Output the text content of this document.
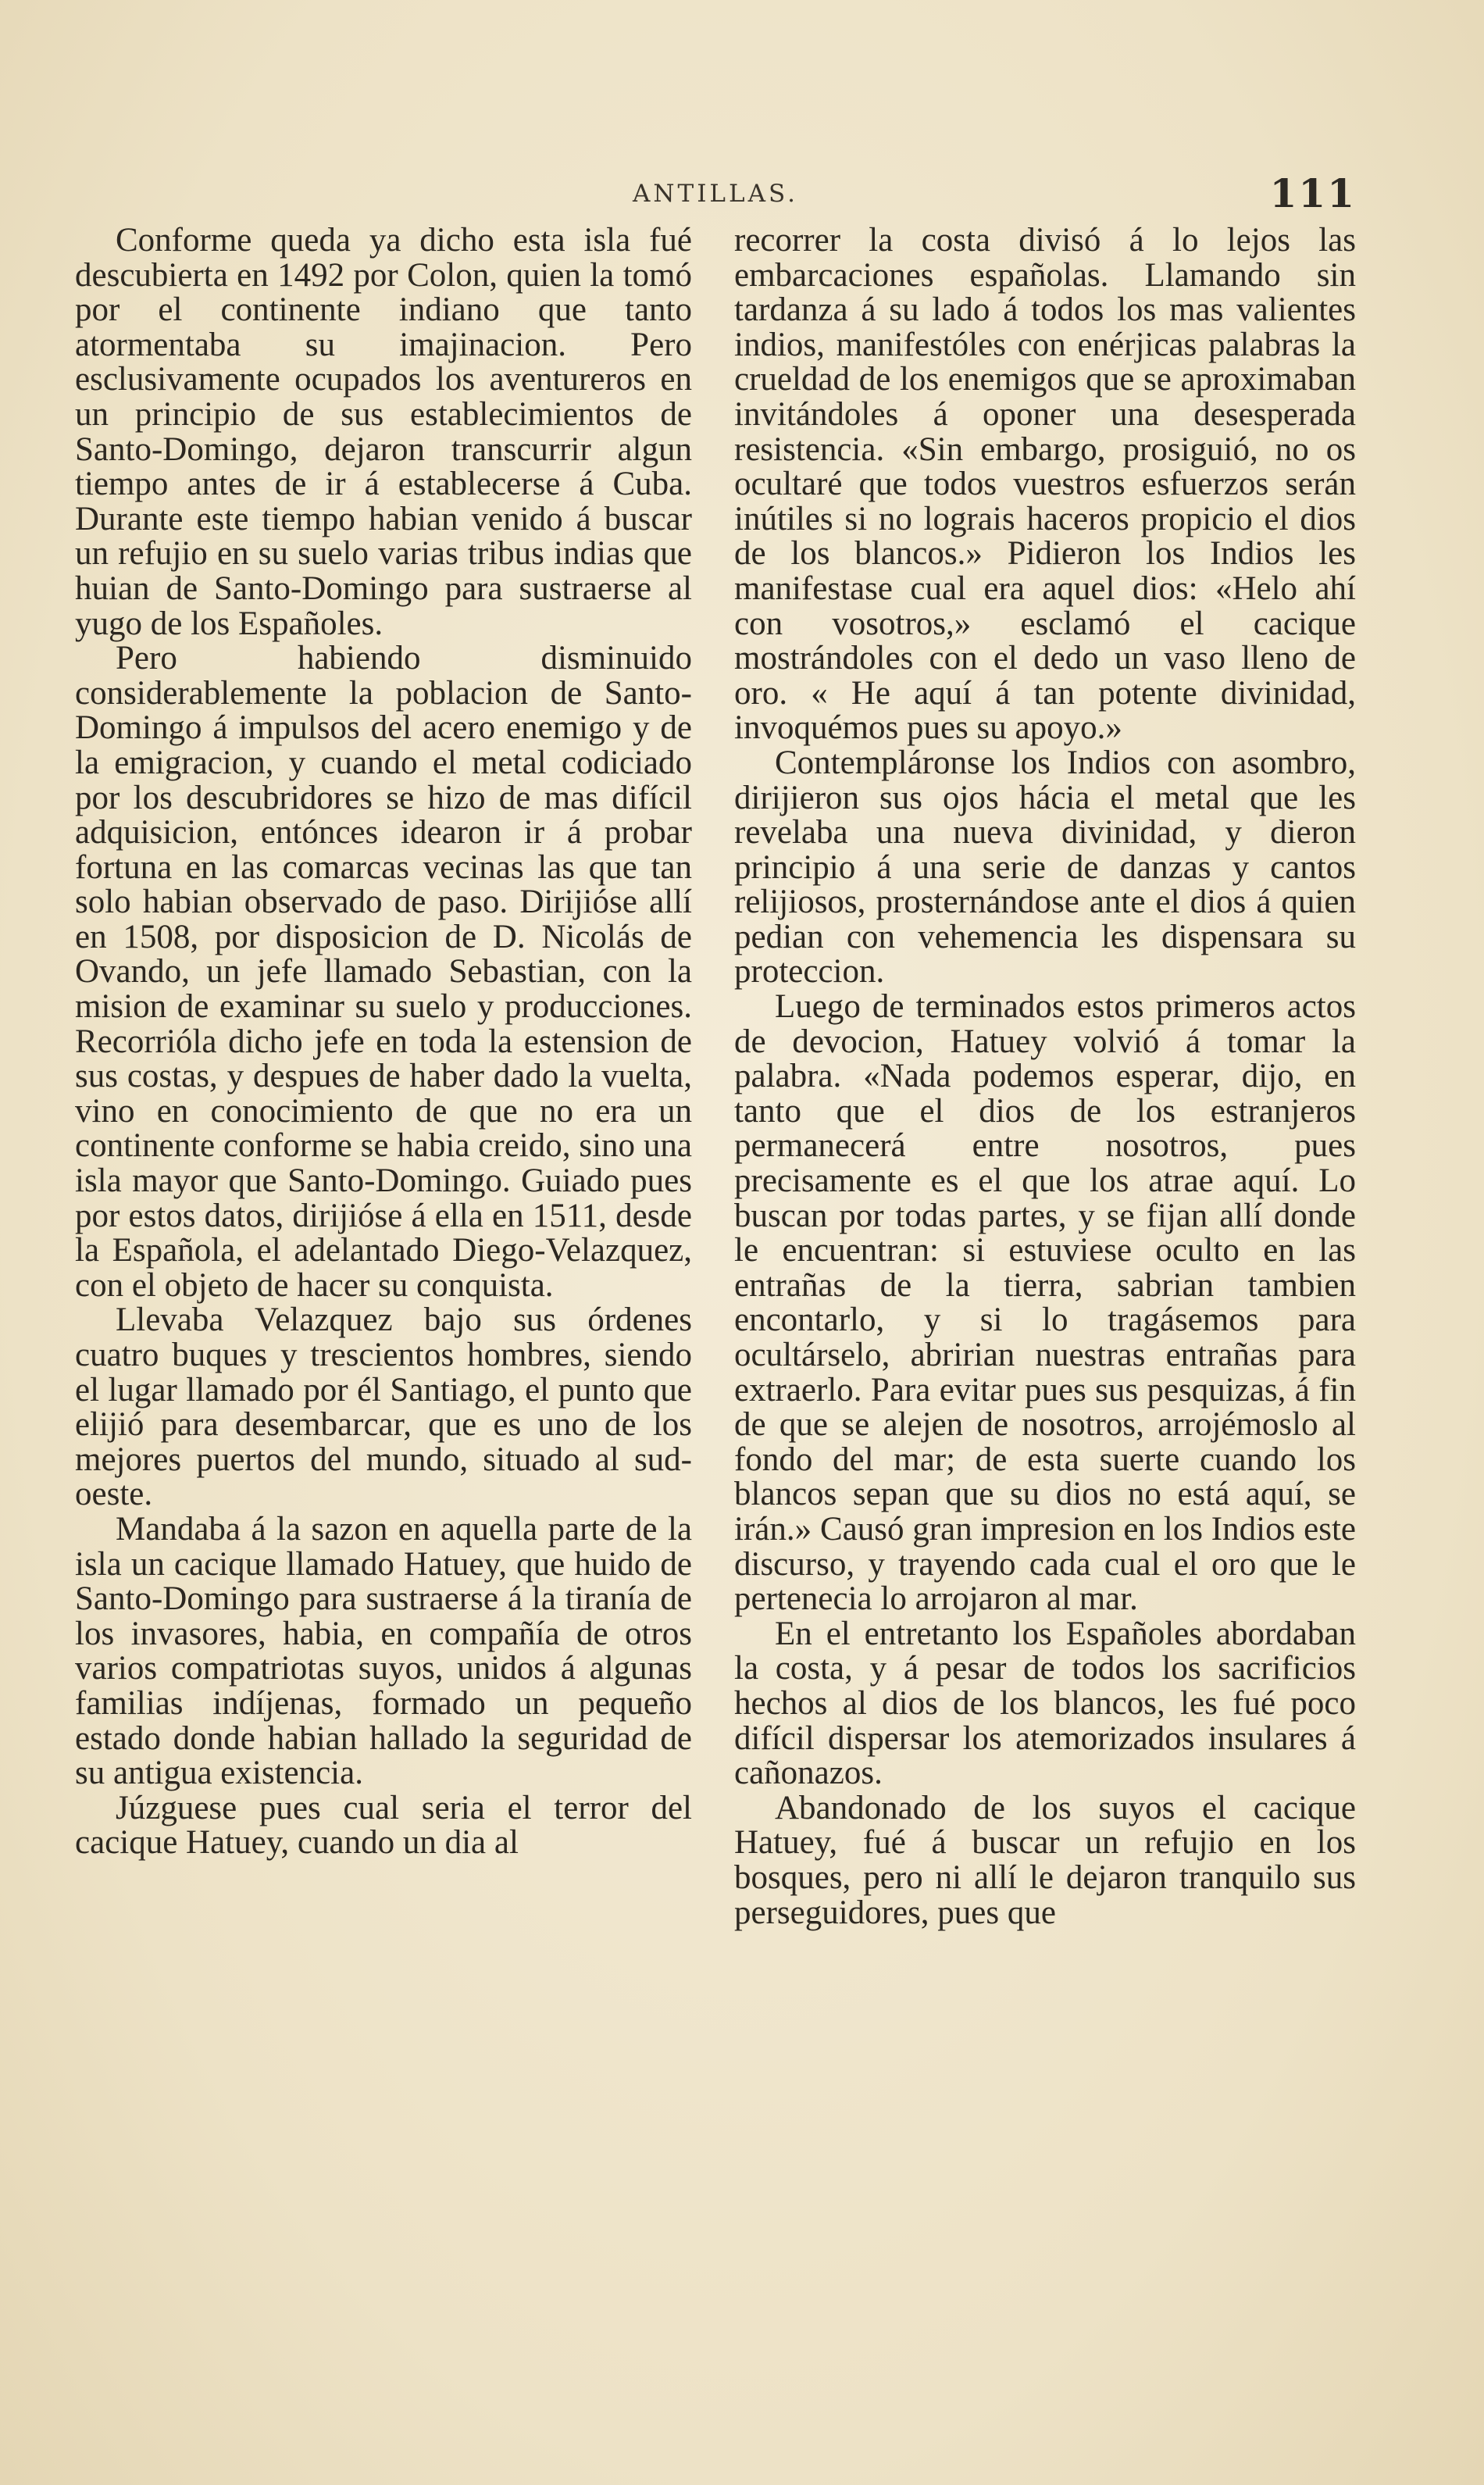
ANTILLAS.	111

Conforme queda ya dicho esta isla fué descubierta en 1492 por Colon, quien la tomó por el continente indiano que tanto atormentaba su imajinacion. Pero esclusivamente ocupados los aventureros en un principio de sus establecimientos de Santo-Domingo, dejaron transcurrir algun tiempo antes de ir á establecerse á Cuba. Durante este tiempo habian venido á buscar un refujio en su suelo varias tribus indias que huian de Santo-Domingo para sustraerse al yugo de los Españoles.

Pero habiendo disminuido considerablemente la poblacion de Santo-Domingo á impulsos del acero enemigo y de la emigracion, y cuando el metal codiciado por los descubridores se hizo de mas difícil adquisicion, entónces idearon ir á probar fortuna en las comarcas vecinas las que tan solo habian observado de paso. Dirijióse allí en 1508, por disposicion de D. Nicolás de Ovando, un jefe llamado Sebastian, con la mision de examinar su suelo y producciones. Recorrióla dicho jefe en toda la estension de sus costas, y despues de haber dado la vuelta, vino en conocimiento de que no era un continente conforme se habia creido, sino una isla mayor que Santo-Domingo. Guiado pues por estos datos, dirijióse á ella en 1511, desde la Española, el adelantado Diego-Velazquez, con el objeto de hacer su conquista.

Llevaba Velazquez bajo sus órdenes cuatro buques y trescientos hombres, siendo el lugar llamado por él Santiago, el punto que elijió para desembarcar, que es uno de los mejores puertos del mundo, situado al sud-oeste.

Mandaba á la sazon en aquella parte de la isla un cacique llamado Hatuey, que huido de Santo-Domingo para sustraerse á la tiranía de los invasores, habia, en compañía de otros varios compatriotas suyos, unidos á algunas familias indíjenas, formado un pequeño estado donde habian hallado la seguridad de su antigua existencia.

Júzguese pues cual seria el terror del cacique Hatuey, cuando un dia al

recorrer la costa divisó á lo lejos las embarcaciones españolas. Llamando sin tardanza á su lado á todos los mas valientes indios, manifestóles con enérjicas palabras la crueldad de los enemigos que se aproximaban invitándoles á oponer una desesperada resistencia. «Sin embargo, prosiguió, no os ocultaré que todos vuestros esfuerzos serán inútiles si no lograis haceros propicio el dios de los blancos.» Pidieron los Indios les manifestase cual era aquel dios: «Helo ahí con vosotros,» esclamó el cacique mostrándoles con el dedo un vaso lleno de oro. « He aquí á tan potente divinidad, invoquémos pues su apoyo.»

Contempláronse los Indios con asombro, dirijieron sus ojos hácia el metal que les revelaba una nueva divinidad, y dieron principio á una serie de danzas y cantos relijiosos, prosternándose ante el dios á quien pedian con vehemencia les dispensara su proteccion.

Luego de terminados estos primeros actos de devocion, Hatuey volvió á tomar la palabra. «Nada podemos esperar, dijo, en tanto que el dios de los estranjeros permanecerá entre nosotros, pues precisamente es el que los atrae aquí. Lo buscan por todas partes, y se fijan allí donde le encuentran: si estuviese oculto en las entrañas de la tierra, sabrian tambien encontarlo, y si lo tragásemos para ocultárselo, abririan nuestras entrañas para extraerlo. Para evitar pues sus pesquizas, á fin de que se alejen de nosotros, arrojémoslo al fondo del mar; de esta suerte cuando los blancos sepan que su dios no está aquí, se irán.» Causó gran impresion en los Indios este discurso, y trayendo cada cual el oro que le pertenecia lo arrojaron al mar.

En el entretanto los Españoles abordaban la costa, y á pesar de todos los sacrificios hechos al dios de los blancos, les fué poco difícil dispersar los atemorizados insulares á cañonazos.

Abandonado de los suyos el cacique Hatuey, fué á buscar un refujio en los bosques, pero ni allí le dejaron tranquilo sus perseguidores, pues que
